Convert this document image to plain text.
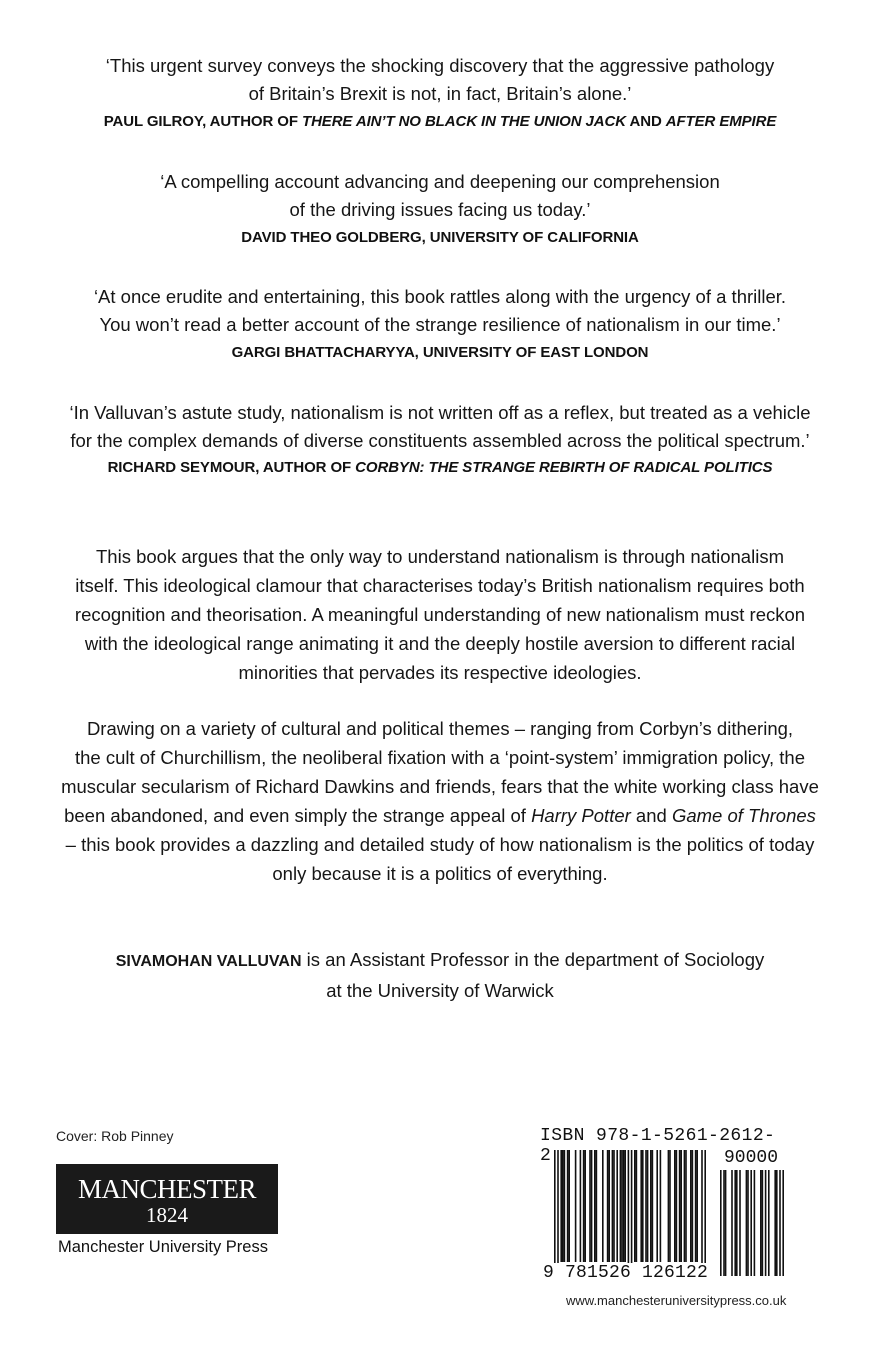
‘This urgent survey conveys the shocking discovery that the aggressive pathology
of Britain’s Brexit is not, in fact, Britain’s alone.’
PAUL GILROY, AUTHOR OF THERE AIN’T NO BLACK IN THE UNION JACK AND AFTER EMPIRE
‘A compelling account advancing and deepening our comprehension
of the driving issues facing us today.’
DAVID THEO GOLDBERG, UNIVERSITY OF CALIFORNIA
‘At once erudite and entertaining, this book rattles along with the urgency of a thriller.
You won’t read a better account of the strange resilience of nationalism in our time.’
GARGI BHATTACHARYYA, UNIVERSITY OF EAST LONDON
‘In Valluvan’s astute study, nationalism is not written off as a reflex, but treated as a vehicle
for the complex demands of diverse constituents assembled across the political spectrum.’
RICHARD SEYMOUR, AUTHOR OF CORBYN: THE STRANGE REBIRTH OF RADICAL POLITICS
This book argues that the only way to understand nationalism is through nationalism
itself. This ideological clamour that characterises today’s British nationalism requires both
recognition and theorisation. A meaningful understanding of new nationalism must reckon
with the ideological range animating it and the deeply hostile aversion to different racial
minorities that pervades its respective ideologies.
Drawing on a variety of cultural and political themes – ranging from Corbyn’s dithering,
the cult of Churchillism, the neoliberal fixation with a ‘point-system’ immigration policy, the
muscular secularism of Richard Dawkins and friends, fears that the white working class have
been abandoned, and even simply the strange appeal of Harry Potter and Game of Thrones
– this book provides a dazzling and detailed study of how nationalism is the politics of today
only because it is a politics of everything.
SIVAMOHAN VALLUVAN is an Assistant Professor in the department of Sociology
at the University of Warwick
Cover: Rob Pinney
MANCHESTER
1824
Manchester University Press
ISBN 978-1-5261-2612-2	90000
9 781526 126122
www.manchesteruniversitypress.co.uk
